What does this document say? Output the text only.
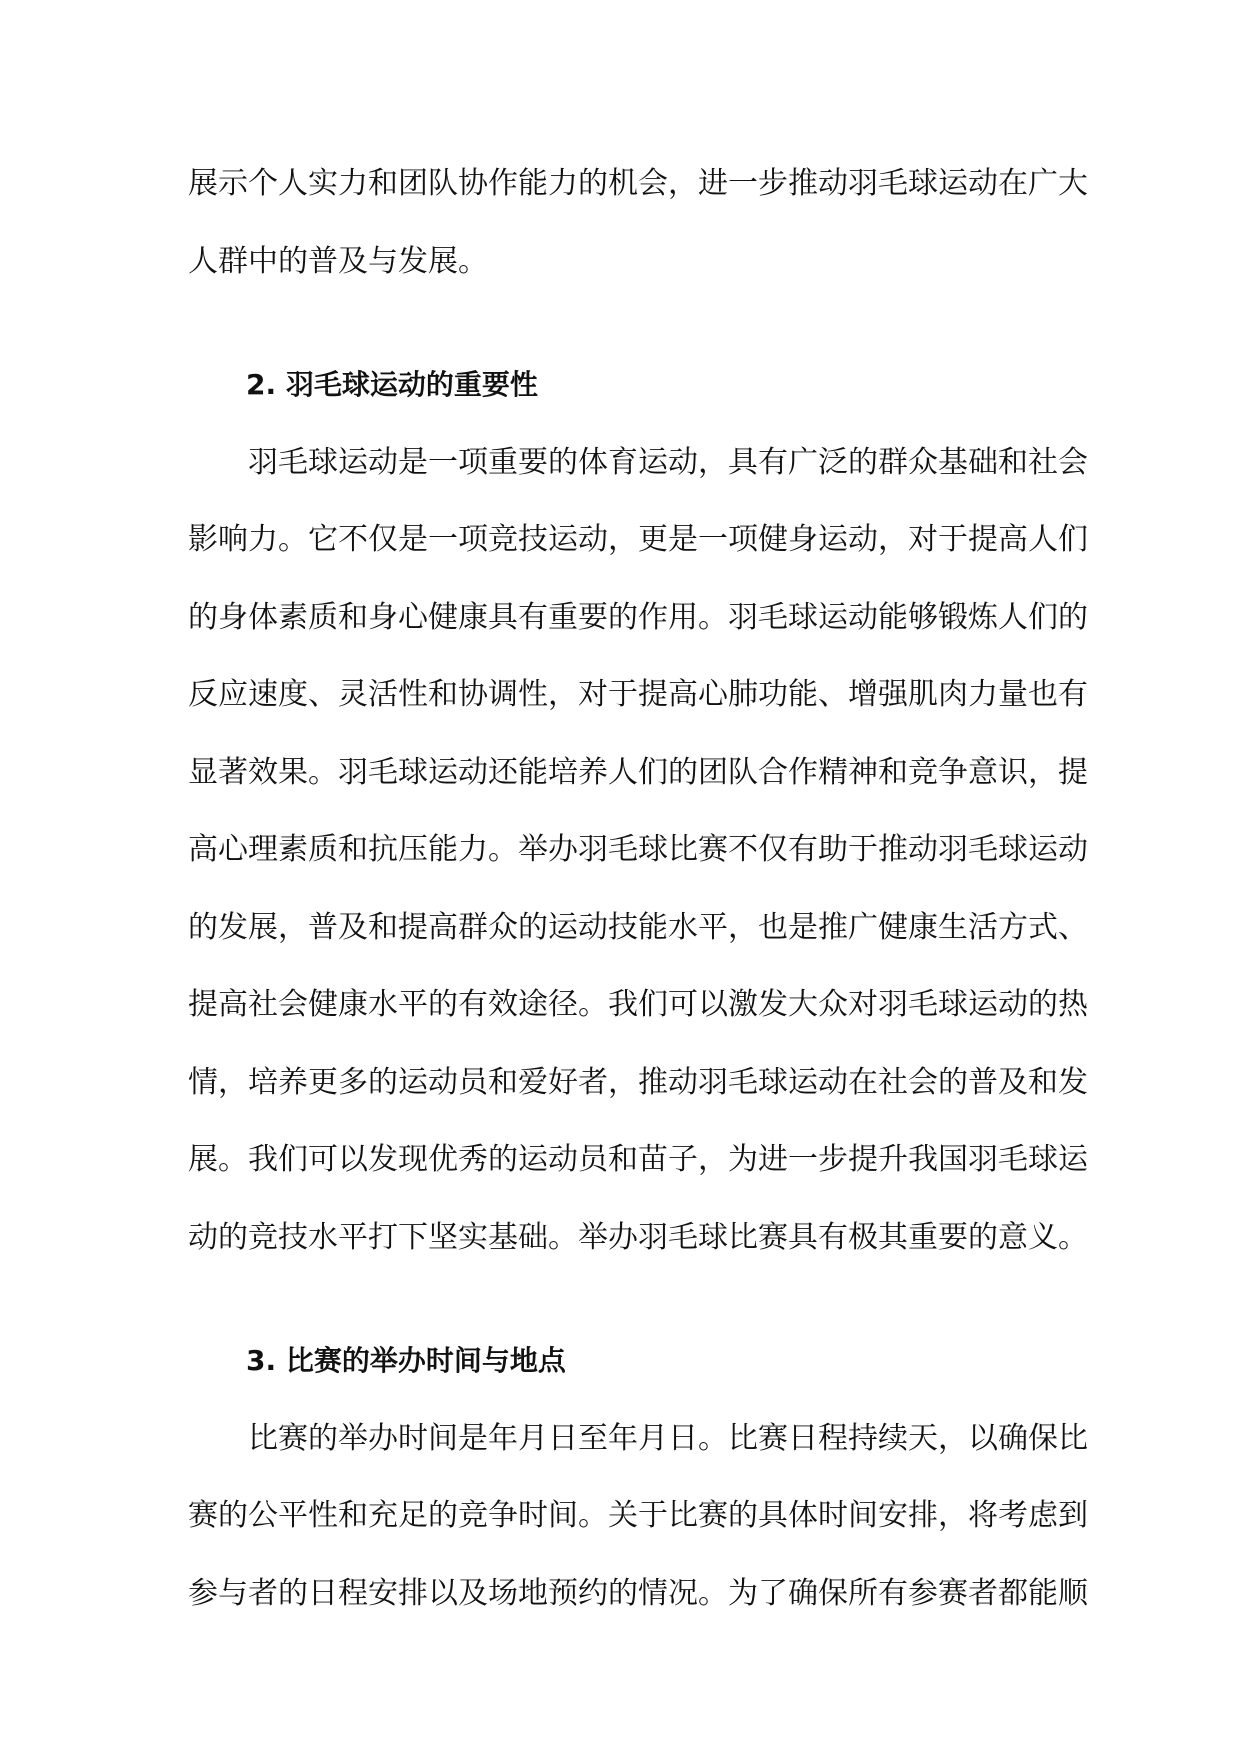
展示个人实力和团队协作能力的机会，进一步推动羽毛球运动在广大
人群中的普及与发展。
2. 羽毛球运动的重要性
羽毛球运动是一项重要的体育运动，具有广泛的群众基础和社会
影响力。它不仅是一项竞技运动，更是一项健身运动，对于提高人们
的身体素质和身心健康具有重要的作用。羽毛球运动能够锻炼人们的
反应速度、灵活性和协调性，对于提高心肺功能、增强肌肉力量也有
显著效果。羽毛球运动还能培养人们的团队合作精神和竞争意识，提
高心理素质和抗压能力。举办羽毛球比赛不仅有助于推动羽毛球运动
的发展，普及和提高群众的运动技能水平，也是推广健康生活方式、
提高社会健康水平的有效途径。我们可以激发大众对羽毛球运动的热
情，培养更多的运动员和爱好者，推动羽毛球运动在社会的普及和发
展。我们可以发现优秀的运动员和苗子，为进一步提升我国羽毛球运
动的竞技水平打下坚实基础。举办羽毛球比赛具有极其重要的意义。
3. 比赛的举办时间与地点
比赛的举办时间是年月日至年月日。比赛日程持续天，以确保比
赛的公平性和充足的竞争时间。关于比赛的具体时间安排，将考虑到
参与者的日程安排以及场地预约的情况。为了确保所有参赛者都能顺
